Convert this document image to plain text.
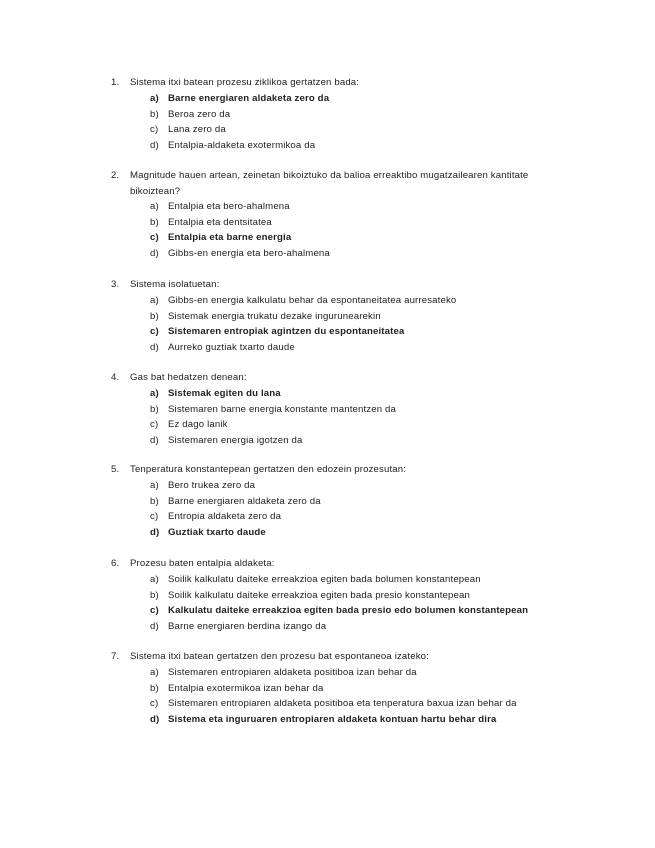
1. Sistema itxi batean prozesu ziklikoa gertatzen bada:
a) Barne energiaren aldaketa zero da
b) Beroa zero da
c) Lana zero da
d) Entalpia-aldaketa exotermikoa da
2. Magnitude hauen artean, zeinetan bikoiztuko da balioa erreaktibo mugatzailearen kantitate bikoiztean?
a) Entalpia eta bero-ahalmena
b) Entalpia eta dentsitatea
c) Entalpia eta barne energia
d) Gibbs-en energia eta bero-ahalmena
3. Sistema isolatuetan:
a) Gibbs-en energia kalkulatu behar da espontaneitatea aurresateko
b) Sistemak energia trukatu dezake ingurunearekin
c) Sistemaren entropiak agintzen du espontaneitatea
d) Aurreko guztiak txarto daude
4. Gas bat hedatzen denean:
a) Sistemak egiten du lana
b) Sistemaren barne energia konstante mantentzen da
c) Ez dago lanik
d) Sistemaren energia igotzen da
5. Tenperatura konstantepean gertatzen den edozein prozesutan:
a) Bero trukea zero da
b) Barne energiaren aldaketa zero da
c) Entropia aldaketa zero da
d) Guztiak txarto daude
6. Prozesu baten entalpia aldaketa:
a) Soilik kalkulatu daiteke erreakzioa egiten bada bolumen konstantepean
b) Soilik kalkulatu daiteke erreakzioa egiten bada presio konstantepean
c) Kalkulatu daiteke erreakzioa egiten bada presio edo bolumen konstantepean
d) Barne energiaren berdina izango da
7. Sistema itxi batean gertatzen den prozesu bat espontaneoa izateko:
a) Sistemaren entropiaren aldaketa positiboa izan behar da
b) Entalpia exotermikoa izan behar da
c) Sistemaren entropiaren aldaketa positiboa eta tenperatura baxua izan behar da
d) Sistema eta inguruaren entropiaren aldaketa kontuan hartu behar dira
